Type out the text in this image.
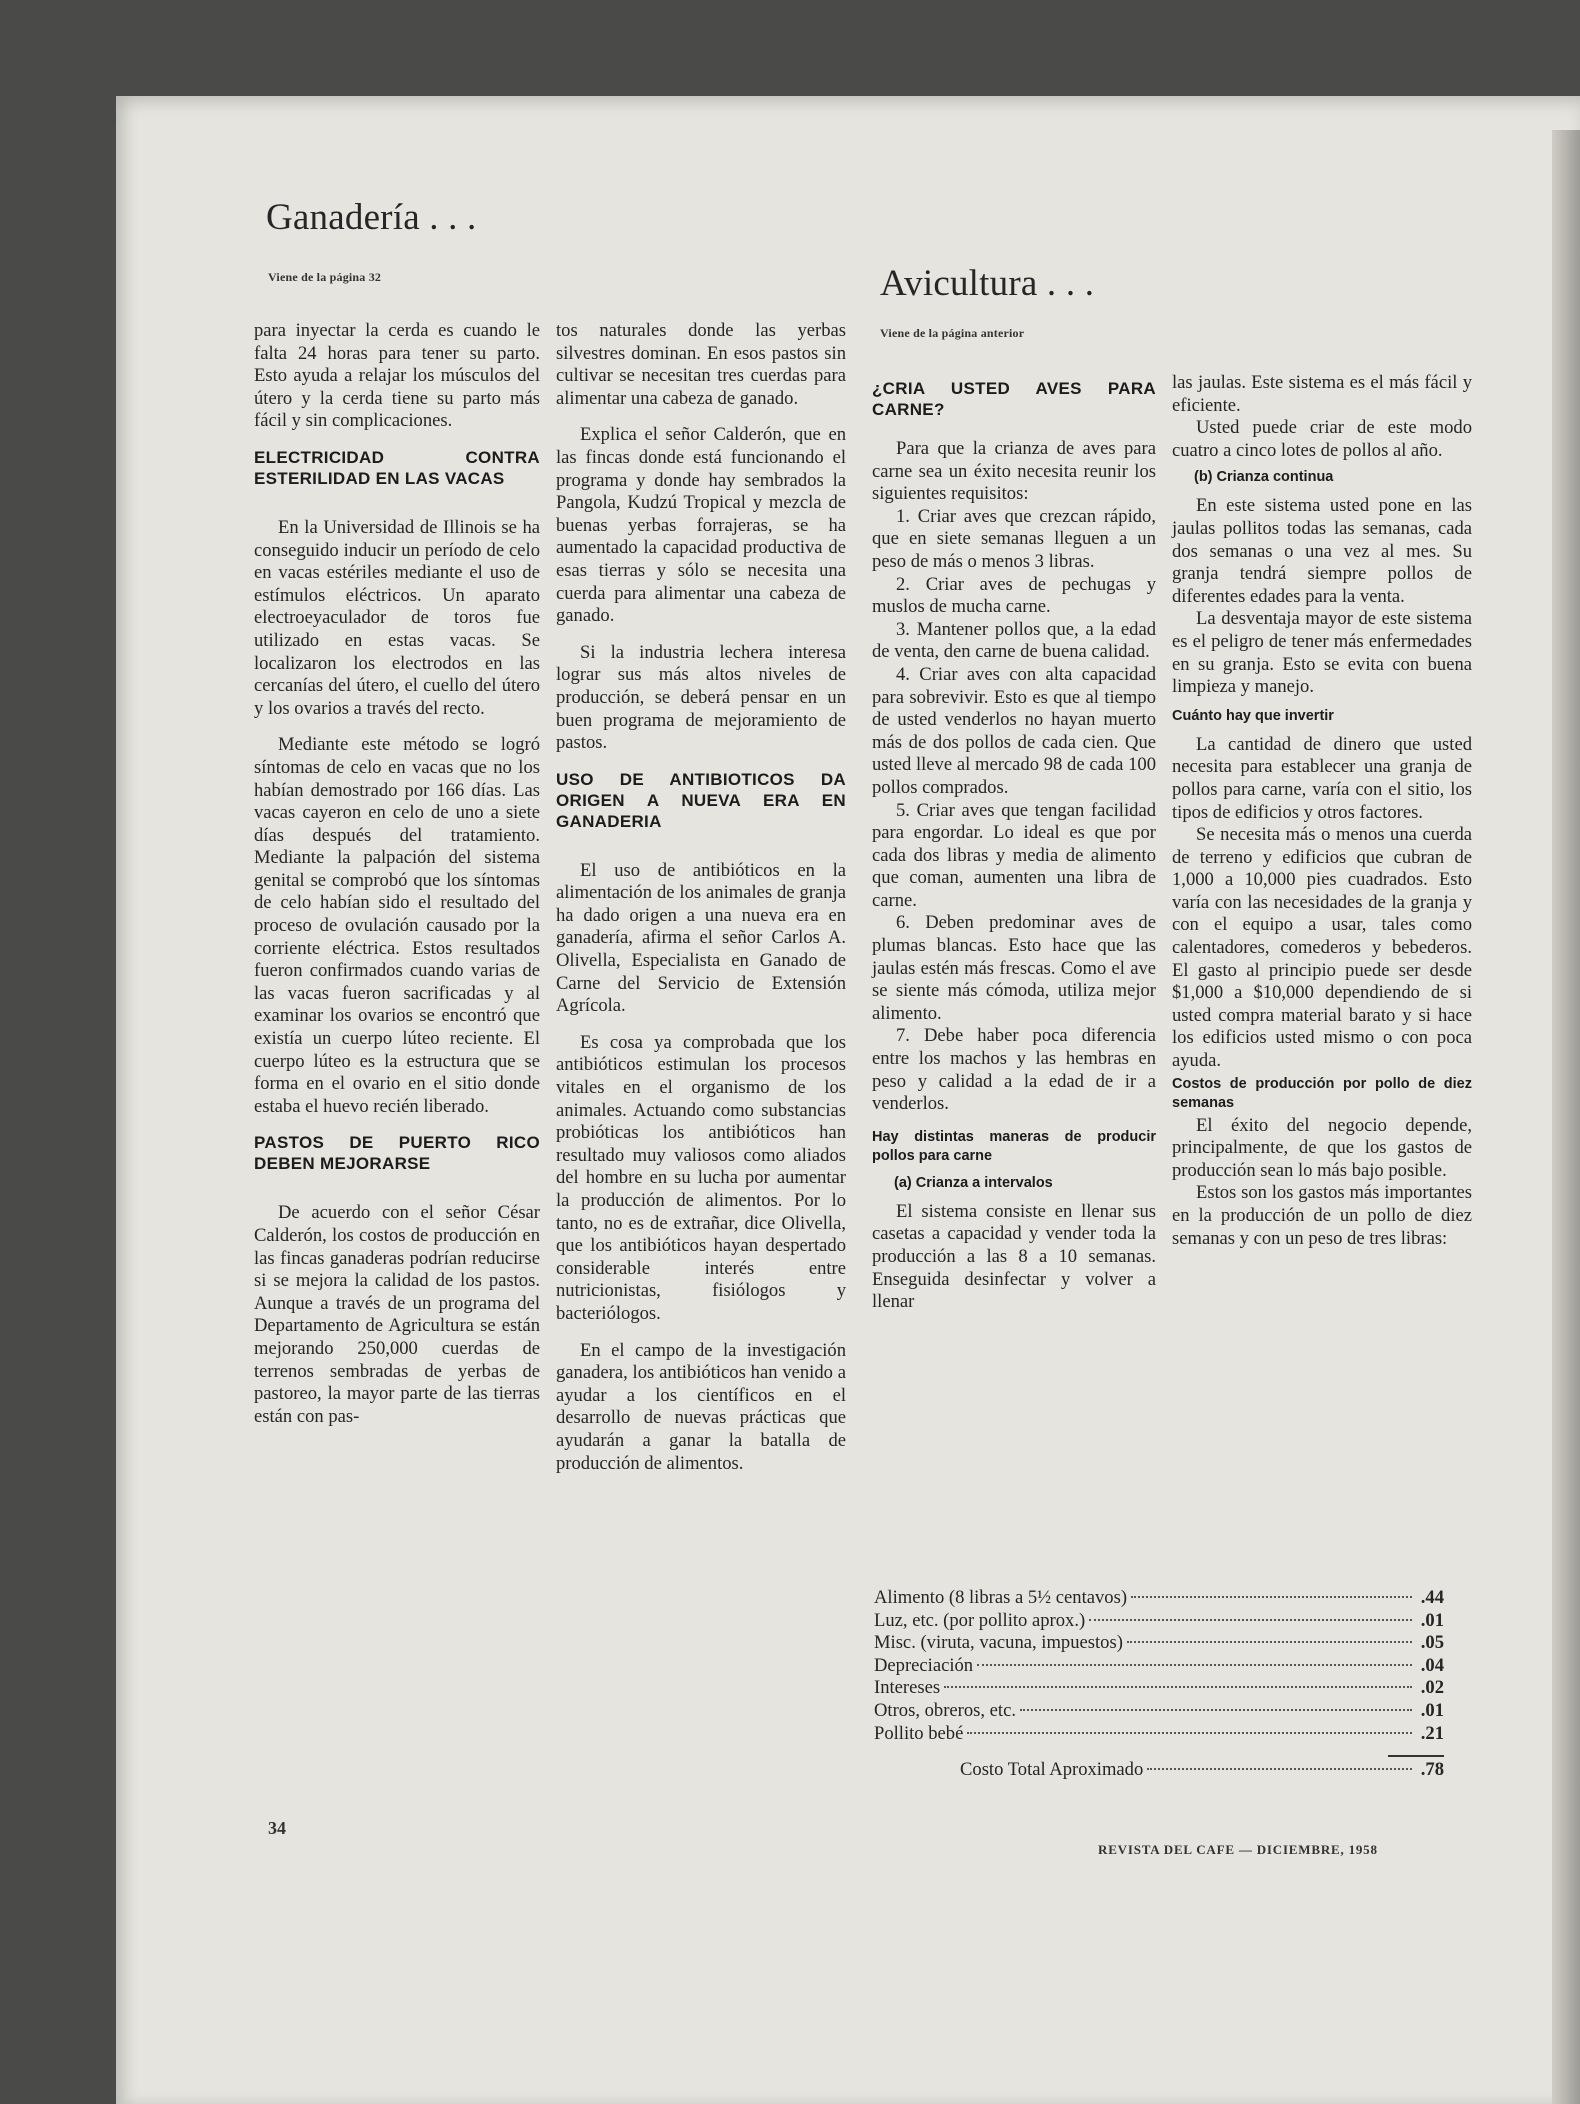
Ganadería . . .
Viene de la página 32

para inyectar la cerda es cuando le falta 24 horas para tener su parto. Esto ayuda a relajar los músculos del útero y la cerda tiene su parto más fácil y sin complicaciones.

ELECTRICIDAD CONTRA ESTERILIDAD EN LAS VACAS

En la Universidad de Illinois se ha conseguido inducir un período de celo en vacas estériles mediante el uso de estímulos eléctricos. Un aparato electroeyaculador de toros fue utilizado en estas vacas. Se localizaron los electrodos en las cercanías del útero, el cuello del útero y los ovarios a través del recto.

Mediante este método se logró síntomas de celo en vacas que no los habían demostrado por 166 días. Las vacas cayeron en celo de uno a siete días después del tratamiento. Mediante la palpación del sistema genital se comprobó que los síntomas de celo habían sido el resultado del proceso de ovulación causado por la corriente eléctrica. Estos resultados fueron confirmados cuando varias de las vacas fueron sacrificadas y al examinar los ovarios se encontró que existía un cuerpo lúteo reciente. El cuerpo lúteo es la estructura que se forma en el ovario en el sitio donde estaba el huevo recién liberado.

PASTOS DE PUERTO RICO DEBEN MEJORARSE

De acuerdo con el señor César Calderón, los costos de producción en las fincas ganaderas podrían reducirse si se mejora la calidad de los pastos. Aunque a través de un programa del Departamento de Agricultura se están mejorando 250,000 cuerdas de terrenos sembradas de yerbas de pastoreo, la mayor parte de las tierras están con pas-

tos naturales donde las yerbas silvestres dominan. En esos pastos sin cultivar se necesitan tres cuerdas para alimentar una cabeza de ganado.

Explica el señor Calderón, que en las fincas donde está funcionando el programa y donde hay sembrados la Pangola, Kudzú Tropical y mezcla de buenas yerbas forrajeras, se ha aumentado la capacidad productiva de esas tierras y sólo se necesita una cuerda para alimentar una cabeza de ganado.

Si la industria lechera interesa lograr sus más altos niveles de producción, se deberá pensar en un buen programa de mejoramiento de pastos.

USO DE ANTIBIOTICOS DA ORIGEN A NUEVA ERA EN GANADERIA

El uso de antibióticos en la alimentación de los animales de granja ha dado origen a una nueva era en ganadería, afirma el señor Carlos A. Olivella, Especialista en Ganado de Carne del Servicio de Extensión Agrícola.

Es cosa ya comprobada que los antibióticos estimulan los procesos vitales en el organismo de los animales. Actuando como substancias probióticas los antibióticos han resultado muy valiosos como aliados del hombre en su lucha por aumentar la producción de alimentos. Por lo tanto, no es de extrañar, dice Olivella, que los antibióticos hayan despertado considerable interés entre nutricionistas, fisiólogos y bacteriólogos.

En el campo de la investigación ganadera, los antibióticos han venido a ayudar a los científicos en el desarrollo de nuevas prácticas que ayudarán a ganar la batalla de producción de alimentos.

34
Avicultura . . .
Viene de la página anterior
¿CRIA USTED AVES PARA CARNE?

Para que la crianza de aves para carne sea un éxito necesita reunir los siguientes requisitos:

1. Criar aves que crezcan rápido, que en siete semanas lleguen a un peso de más o menos 3 libras.

2. Criar aves de pechugas y muslos de mucha carne.

3. Mantener pollos que, a la edad de venta, den carne de buena calidad.

4. Criar aves con alta capacidad para sobrevivir. Esto es que al tiempo de usted venderlos no hayan muerto más de dos pollos de cada cien. Que usted lleve al mercado 98 de cada 100 pollos comprados.

5. Criar aves que tengan facilidad para engordar. Lo ideal es que por cada dos libras y media de alimento que coman, aumenten una libra de carne.

6. Deben predominar aves de plumas blancas. Esto hace que las jaulas estén más frescas. Como el ave se siente más cómoda, utiliza mejor alimento.

7. Debe haber poca diferencia entre los machos y las hembras en peso y calidad a la edad de ir a venderlos.

Hay distintas maneras de producir pollos para carne
(a) Crianza a intervalos

El sistema consiste en llenar sus casetas a capacidad y vender toda la producción a las 8 a 10 semanas. Enseguida desinfectar y volver a llenar

las jaulas. Este sistema es el más fácil y eficiente.

Usted puede criar de este modo cuatro a cinco lotes de pollos al año.

(b) Crianza continua

En este sistema usted pone en las jaulas pollitos todas las semanas, cada dos semanas o una vez al mes. Su granja tendrá siempre pollos de diferentes edades para la venta.

La desventaja mayor de este sistema es el peligro de tener más enfermedades en su granja. Esto se evita con buena limpieza y manejo.

Cuánto hay que invertir

La cantidad de dinero que usted necesita para establecer una granja de pollos para carne, varía con el sitio, los tipos de edificios y otros factores.

Se necesita más o menos una cuerda de terreno y edificios que cubran de 1,000 a 10,000 pies cuadrados. Esto varía con las necesidades de la granja y con el equipo a usar, tales como calentadores, comederos y bebederos. El gasto al principio puede ser desde $1,000 a $10,000 dependiendo de si usted compra material barato y si hace los edificios usted mismo o con poca ayuda.

Costos de producción por pollo de diez semanas

El éxito del negocio depende, principalmente, de que los gastos de producción sean lo más bajo posible.

Estos son los gastos más importantes en la producción de un pollo de diez semanas y con un peso de tres libras:

Alimento (8 libras a 5½ centavos)	.44
Luz, etc. (por pollito aprox.)	.01
Misc. (viruta, vacuna, impuestos)	.05
Depreciación	.04
Intereses	.02
Otros, obreros, etc.	.01
Pollito bebé	.21
Costo Total Aproximado	.78
REVISTA DEL CAFE — DICIEMBRE, 1958
